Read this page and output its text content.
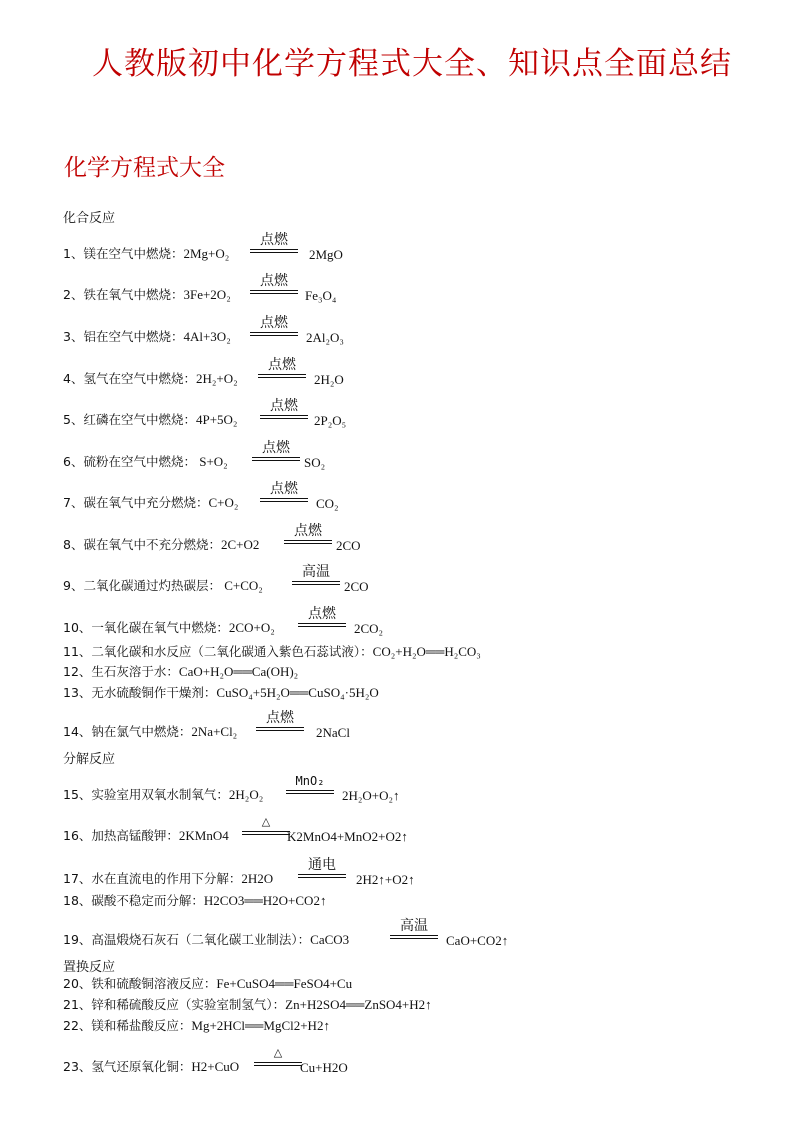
人教版初中化学方程式大全、知识点全面总结
化学方程式大全
化合反应
分解反应
置换反应
1、镁在空气中燃烧：2Mg+O₂
点燃
2MgO
2、铁在氧气中燃烧：3Fe+2O₂
点燃
Fe₃O₄
3、铝在空气中燃烧：4Al+3O₂
点燃
2Al₂O₃
4、氢气在空气中燃烧：2H₂+O₂
点燃
2H₂O
5、红磷在空气中燃烧：4P+5O₂
点燃
2P₂O₅
6、硫粉在空气中燃烧： S+O₂
点燃
SO₂
7、碳在氧气中充分燃烧：C+O₂
点燃
CO₂
8、碳在氧气中不充分燃烧：2C+O2
点燃
2CO
9、二氧化碳通过灼热碳层： C+CO₂
高温
2CO
10、一氧化碳在氧气中燃烧：2CO+O₂
点燃
2CO₂
11、二氧化碳和水反应（二氧化碳通入紫色石蕊试液）：CO₂+H₂O══H₂CO₃
12、生石灰溶于水：CaO+H₂O══Ca(OH)₂
13、无水硫酸铜作干燥剂：CuSO₄+5H₂O══CuSO₄·5H₂O
14、钠在氯气中燃烧：2Na+Cl₂
点燃
2NaCl
15、实验室用双氧水制氧气：2H₂O₂
MnO₂
2H₂O+O₂↑
16、加热高锰酸钾：2KMnO4
△
K2MnO4+MnO2+O2↑
17、水在直流电的作用下分解：2H2O
通电
2H2↑+O2↑
18、碳酸不稳定而分解：H2CO3══H2O+CO2↑
19、高温煅烧石灰石（二氧化碳工业制法）：CaCO3
高温
CaO+CO2↑
20、铁和硫酸铜溶液反应：Fe+CuSO4══FeSO4+Cu
21、锌和稀硫酸反应（实验室制氢气）：Zn+H2SO4══ZnSO4+H2↑
22、镁和稀盐酸反应：Mg+2HCl══MgCl2+H2↑
23、氢气还原氧化铜：H2+CuO
△
Cu+H2O
